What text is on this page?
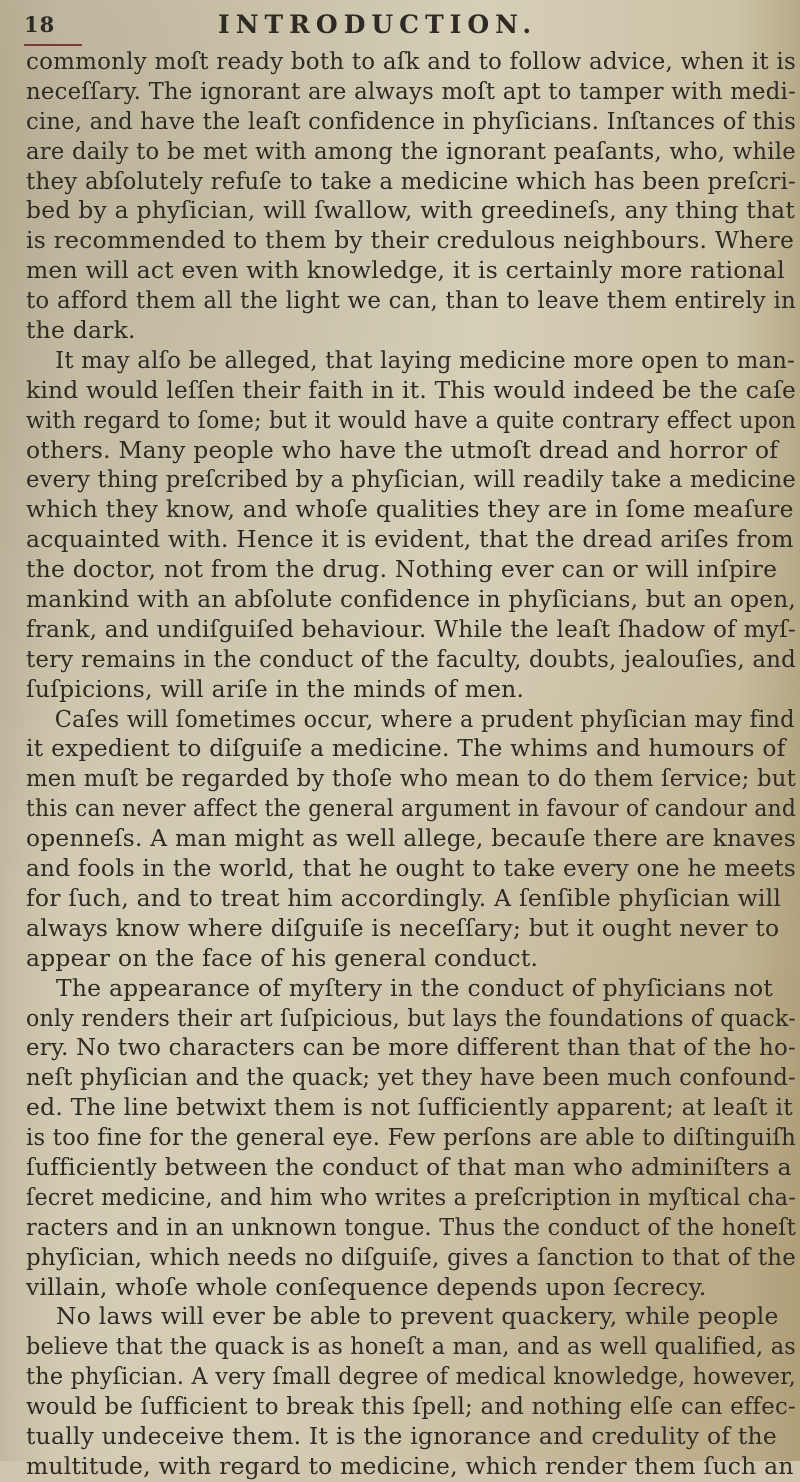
18	INTRODUCTION.
commonly moſt ready both to aſk and to follow advice, when it is
neceſſary. The ignorant are always moſt apt to tamper with medi-
cine, and have the leaſt confidence in phyſicians. Inſtances of this
are daily to be met with among the ignorant peaſants, who, while
they abſolutely refuſe to take a medicine which has been preſcri-
bed by a phyſician, will ſwallow, with greedineſs, any thing that
is recommended to them by their credulous neighbours. Where
men will act even with knowledge, it is certainly more rational
to afford them all the light we can, than to leave them entirely in
the dark.
It may alſo be alleged, that laying medicine more open to man-
kind would leſſen their faith in it. This would indeed be the caſe
with regard to ſome; but it would have a quite contrary effect upon
others. Many people who have the utmoſt dread and horror of
every thing preſcribed by a phyſician, will readily take a medicine
which they know, and whoſe qualities they are in ſome meaſure
acquainted with. Hence it is evident, that the dread ariſes from
the doctor, not from the drug. Nothing ever can or will inſpire
mankind with an abſolute confidence in phyſicians, but an open,
frank, and undiſguiſed behaviour. While the leaſt ſhadow of myſ-
tery remains in the conduct of the faculty, doubts, jealouſies, and
ſuſpicions, will ariſe in the minds of men.
Caſes will ſometimes occur, where a prudent phyſician may find
it expedient to diſguiſe a medicine. The whims and humours of
men muſt be regarded by thoſe who mean to do them ſervice; but
this can never affect the general argument in favour of candour and
openneſs. A man might as well allege, becauſe there are knaves
and fools in the world, that he ought to take every one he meets
for ſuch, and to treat him accordingly. A ſenſible phyſician will
always know where diſguiſe is neceſſary; but it ought never to
appear on the face of his general conduct.
The appearance of myſtery in the conduct of phyſicians not
only renders their art ſuſpicious, but lays the foundations of quack-
ery. No two characters can be more different than that of the ho-
neſt phyſician and the quack; yet they have been much confound-
ed. The line betwixt them is not ſufficiently apparent; at leaſt it
is too fine for the general eye. Few perſons are able to diſtinguiſh
ſufficiently between the conduct of that man who adminiſters a
ſecret medicine, and him who writes a preſcription in myſtical cha-
racters and in an unknown tongue. Thus the conduct of the honeſt
phyſician, which needs no diſguiſe, gives a ſanction to that of the
villain, whoſe whole conſequence depends upon ſecrecy.
No laws will ever be able to prevent quackery, while people
believe that the quack is as honeſt a man, and as well qualified, as
the phyſician. A very ſmall degree of medical knowledge, however,
would be ſufficient to break this ſpell; and nothing elſe can effec-
tually undeceive them. It is the ignorance and credulity of the
multitude, with regard to medicine, which render them ſuch an
